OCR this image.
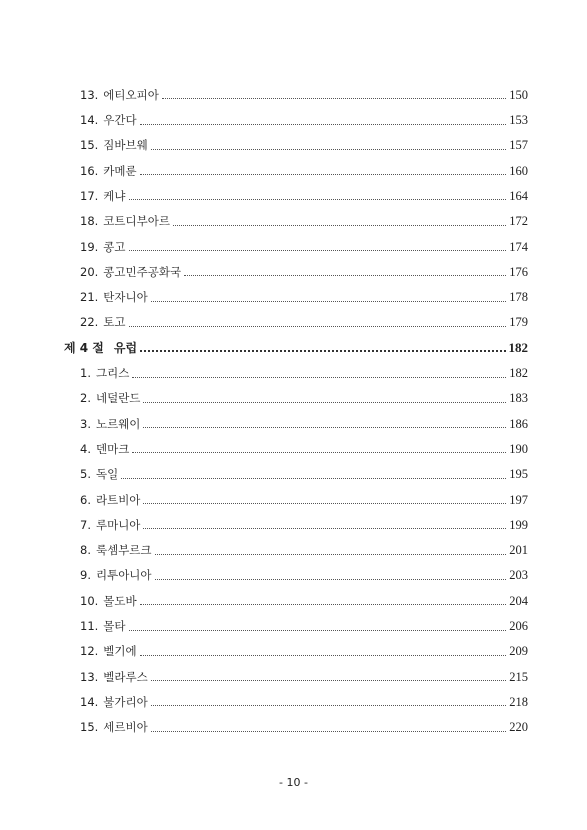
13. 에티오피아	150
14. 우간다	153
15. 짐바브웨	157
16. 카메룬	160
17. 케냐	164
18. 코트디부아르	172
19. 콩고	174
20. 콩고민주공화국	176
21. 탄자니아	178
22. 토고	179
제 4 절 유럽	182
1. 그리스	182
2. 네덜란드	183
3. 노르웨이	186
4. 덴마크	190
5. 독일	195
6. 라트비아	197
7. 루마니아	199
8. 룩셈부르크	201
9. 리투아니아	203
10. 몰도바	204
11. 몰타	206
12. 벨기에	209
13. 벨라루스	215
14. 불가리아	218
15. 세르비아	220
- 10 -
